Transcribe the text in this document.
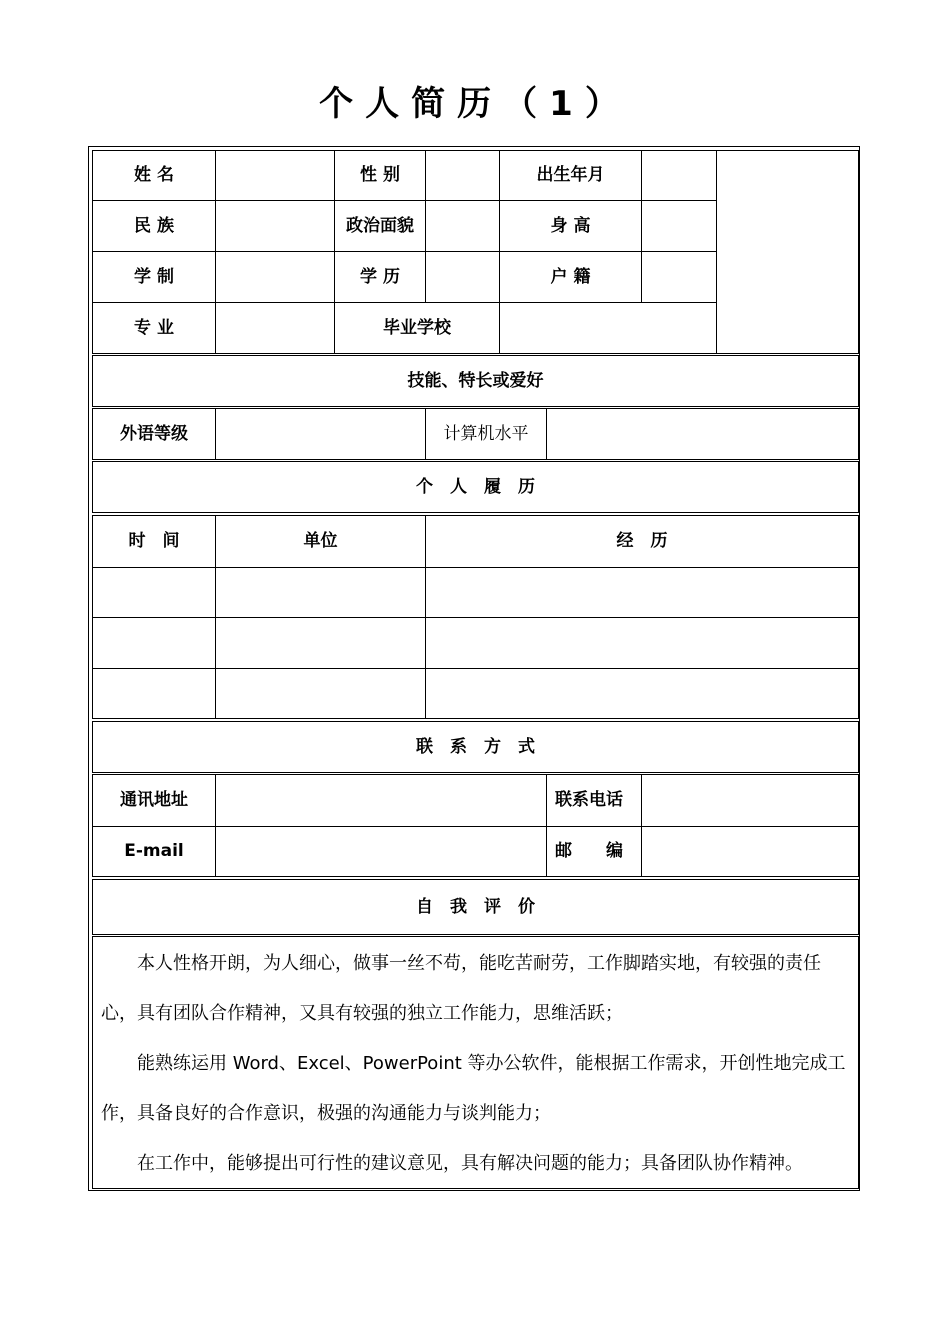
个人简历（1）
姓 名	性 别	出生年月
民 族	政治面貌	身 高
学 制	学 历	户 籍
专 业	毕业学校
技能、特长或爱好
外语等级	计算机水平
个　人　履　历
时　间	单位	经　历
联　系　方　式
通讯地址	联系电话
E-mail	邮　　编
自　我　评　价

本人性格开朗，为人细心，做事一丝不苟，能吃苦耐劳，工作脚踏实地，有较强的责任心，具有团队合作精神，又具有较强的独立工作能力，思维活跃；

能熟练运用 Word、Excel、PowerPoint 等办公软件，能根据工作需求，开创性地完成工作，具备良好的合作意识，极强的沟通能力与谈判能力；

在工作中，能够提出可行性的建议意见，具有解决问题的能力；具备团队协作精神。
